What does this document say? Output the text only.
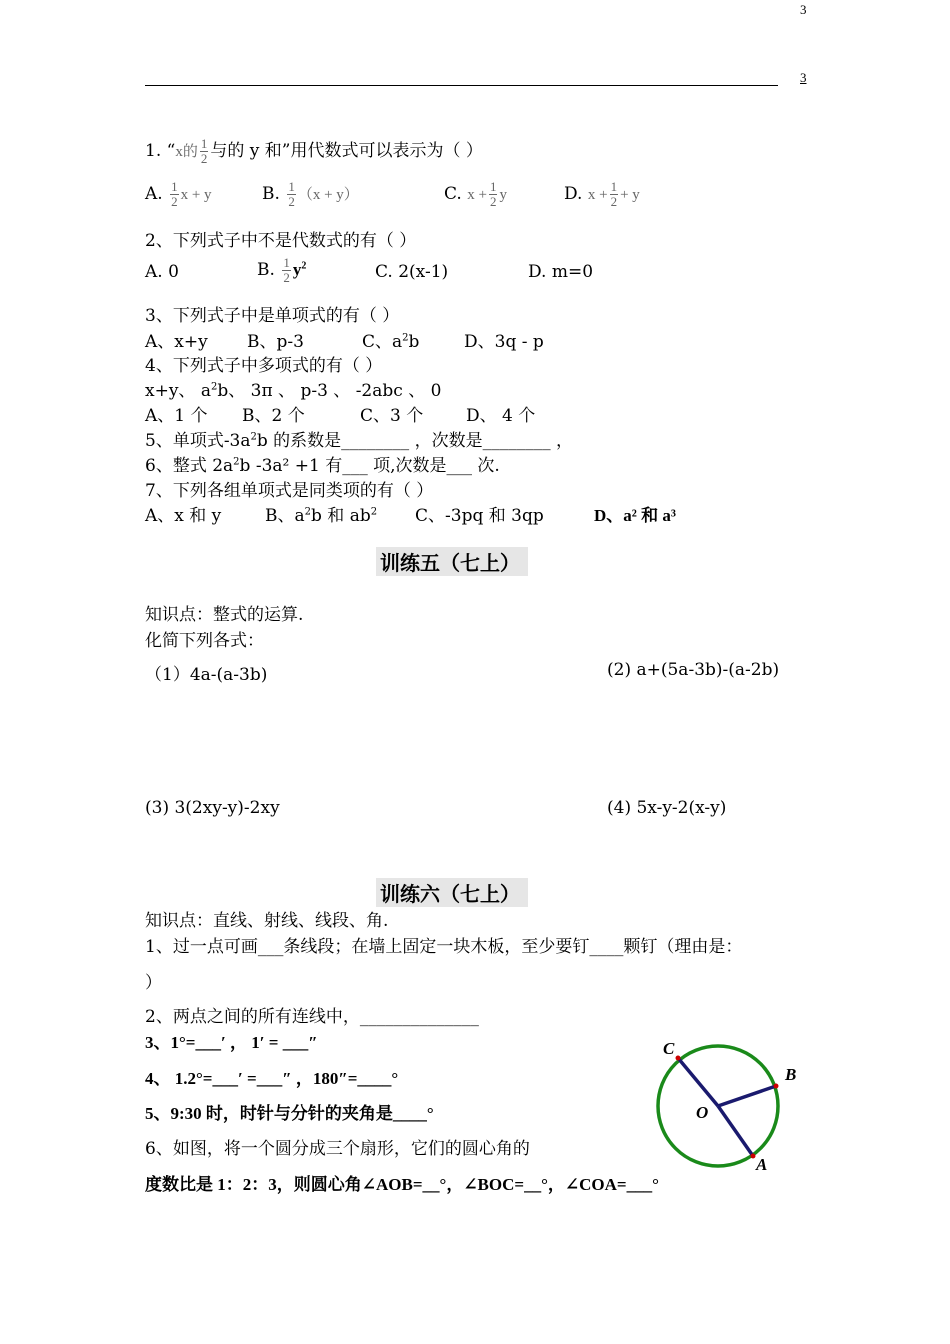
3
3
1. “x的 $\frac{1}{2}$ 与的 y 和”用代数式可以表示为（ ）
A. $\frac{1}{2}$ x + y	B. $\frac{1}{2} (x + y)$	C. $x + \frac{1}{2}$ y	D. $x + \frac{1}{2} + y$
2、下列式子中不是代数式的有（ ）
A. 0	B. $\frac{1}{2} y^2$	C. 2(x-1)	D. m=0
3、下列式子中是单项式的有（ ）
A、x+y B、p-3	C、$a^2b$	D、3q - p
4、下列式子中多项式的有（ ）
x+y、 $a^2b$、 3π 、 p-3 、 -2abc 、 0
A、1 个 B、2 个	C、3 个	D、 4 个
5、单项式$-3a^2b$ 的系数是________ ，次数是________ ，
6、整式 $2a^2b$ -3a² +1 有___ 项,次数是___ 次.
7、下列各组单项式是同类项的有（ ）
A、x 和 y	B、$a^2b$ 和 $ab^2$ C、-3pq 和 3qp	D、a² 和 a³
训练五（七上）
知识点：整式的运算.
化简下列各式：
（1）4a-(a-3b)	(2) a+(5a-3b)-(a-2b)
(3) 3(2xy-y)-2xy	(4) 5x-y-2(x-y)
训练六（七上）
知识点：直线、射线、线段、角.
1、过一点可画___条线段；在墙上固定一块木板，至少要钉____颗钉（理由是：
）
2、两点之间的所有连线中，______________
3、1°=___′ ， 1′ = ___″
4、 1.2°=___′ =___″ ，180″=____°
5、9:30 时，时针与分针的夹角是____°
6、如图，将一个圆分成三个扇形，它们的圆心角的
度数比是 1：2：3，则圆心角∠AOB=__°，∠BOC=__°，∠COA=___°
C
B
O
A
